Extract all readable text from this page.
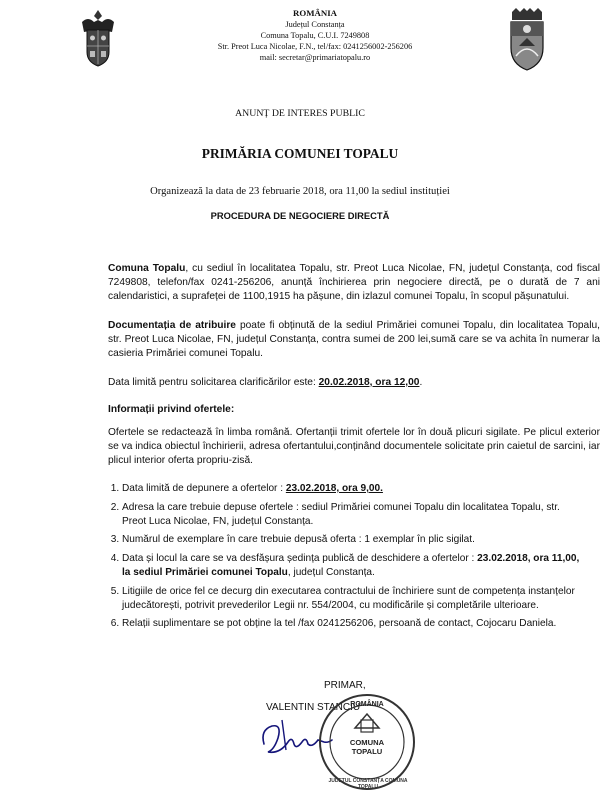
ROMÂNIA
Județul Constanța
Comuna Topalu, C.U.I. 7249808
Str. Preot Luca Nicolae, F.N., tel/fax: 0241256002-256206
mail: secretar@primariatopalu.ro
ANUNȚ DE INTERES PUBLIC
PRIMĂRIA COMUNEI TOPALU
Organizează la data de 23 februarie 2018, ora 11,00 la sediul instituției
PROCEDURA DE NEGOCIERE DIRECTĂ
Comuna Topalu, cu sediul în localitatea Topalu, str. Preot Luca Nicolae, FN, județul Constanța, cod fiscal 7249808, telefon/fax 0241-256206, anunță închirierea prin negociere directă, pe o durată de 7 ani calendaristici, a suprafeței de 1100,1915 ha pășune, din izlazul comunei Topalu, în scopul pășunatului.
Documentația de atribuire poate fi obținută de la sediul Primăriei comunei Topalu, din localitatea Topalu, str. Preot Luca Nicolae, FN, județul Constanța, contra sumei de 200 lei,sumă care se va achita în numerar la casieria Primăriei comunei Topalu.
Data limită pentru solicitarea clarificărilor este: 20.02.2018, ora 12,00.
Informații privind ofertele:
Ofertele se redactează în limba română. Ofertanții trimit ofertele lor în două plicuri sigilate. Pe plicul exterior se va indica obiectul închirierii, adresa ofertantului,conținând documentele solicitate prin caietul de sarcini, iar plicul interior oferta propriu-zisă.
1. Data limită de depunere a ofertelor : 23.02.2018, ora 9,00.
2. Adresa la care trebuie depuse ofertele : sediul Primăriei comunei Topalu din localitatea Topalu, str. Preot Luca Nicolae, FN, județul Constanța.
3. Numărul de exemplare în care trebuie depusă oferta : 1 exemplar în plic sigilat.
4. Data și locul la care se va desfășura ședința publică de deschidere a ofertelor : 23.02.2018, ora 11,00, la sediul Primăriei comunei Topalu, județul Constanța.
5. Litigiile de orice fel ce decurg din executarea contractului de închiriere sunt de competența instanțelor judecătorești, potrivit prevederilor Legii nr. 554/2004, cu modificările și completările ulterioare.
6. Relații suplimentare se pot obține la tel /fax 0241256206, persoană de contact, Cojocaru Daniela.
PRIMAR,
VALENTIN STANCIU
ROMÂNIA
COMUNA TOPALU
JUDEȚUL CONSTANȚA COMUNA TOPALU
